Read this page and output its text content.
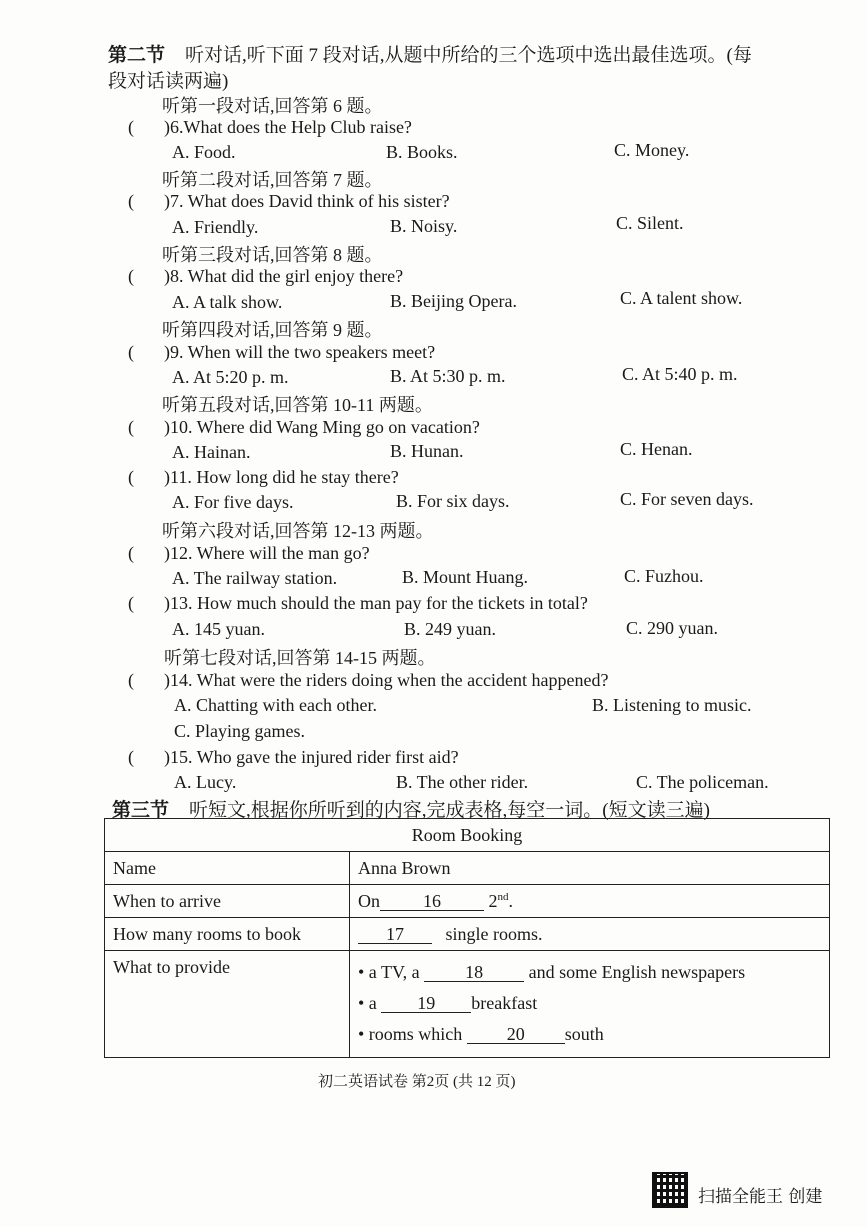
第二节 听对话,听下面 7 段对话,从题中所给的三个选项中选出最佳选项。(每
段对话读两遍)
听第一段对话,回答第 6 题。
( )6.What does the Help Club raise?
A. Food.	B. Books.	C. Money.
听第二段对话,回答第 7 题。
( )7. What does David think of his sister?
A. Friendly.	B. Noisy.	C. Silent.
听第三段对话,回答第 8 题。
( )8. What did the girl enjoy there?
A. A talk show.	B. Beijing Opera.	C. A talent show.
听第四段对话,回答第 9 题。
( )9. When will the two speakers meet?
A. At 5:20 p. m.	B. At 5:30 p. m.	C. At 5:40 p. m.
听第五段对话,回答第 10-11 两题。
( )10. Where did Wang Ming go on vacation?
A. Hainan.	B. Hunan.	C. Henan.
( )11. How long did he stay there?
A. For five days.	B. For six days.	C. For seven days.
听第六段对话,回答第 12-13 两题。
( )12. Where will the man go?
A. The railway station.	B. Mount Huang.	C. Fuzhou.
( )13. How much should the man pay for the tickets in total?
A. 145 yuan.	B. 249 yuan.	C. 290 yuan.
听第七段对话,回答第 14-15 两题。
( )14. What were the riders doing when the accident happened?
A. Chatting with each other.	B. Listening to music.
C. Playing games.
( )15. Who gave the injured rider first aid?
A. Lucy.	B. The other rider.	C. The policeman.
第三节 听短文,根据你所听到的内容,完成表格,每空一词。(短文读三遍)
Room Booking	
Name	Anna Brown
When to arrive	On 16 2nd.
How many rooms to book	17 single rooms.
What to provide	• a TV, a 18 and some English newspapers
• a 19 breakfast
• rooms which 20 south
初二英语试卷 第2页 (共 12 页)
扫描全能王 创建
